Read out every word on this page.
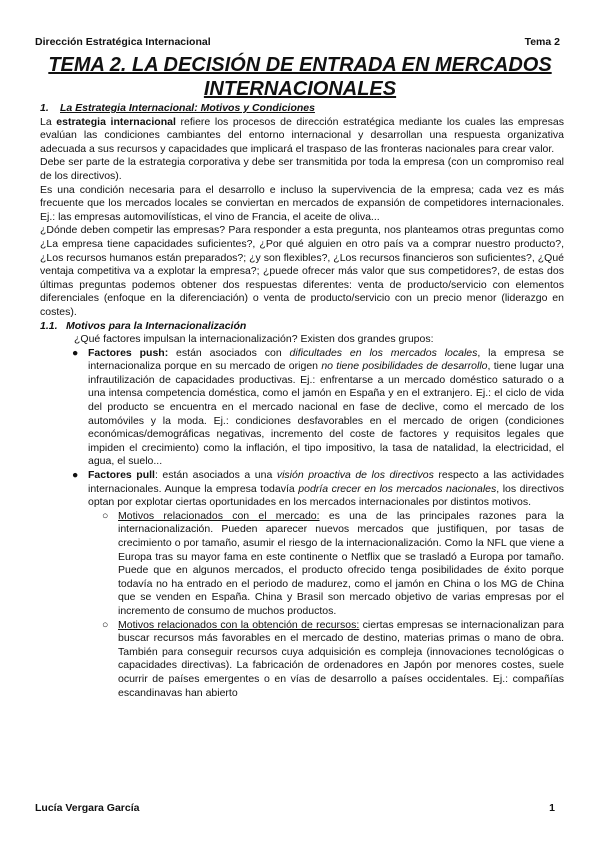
Dirección Estratégica Internacional	Tema 2
TEMA 2. LA DECISIÓN DE ENTRADA EN MERCADOS
INTERNACIONALES

1. La Estrategia Internacional: Motivos y Condiciones

La estrategia internacional refiere los procesos de dirección estratégica mediante los cuales las empresas evalúan las condiciones cambiantes del entorno internacional y desarrollan una respuesta organizativa adecuada a sus recursos y capacidades que implicará el traspaso de las fronteras nacionales para crear valor.

Debe ser parte de la estrategia corporativa y debe ser transmitida por toda la empresa (con un compromiso real de los directivos).

Es una condición necesaria para el desarrollo e incluso la supervivencia de la empresa; cada vez es más frecuente que los mercados locales se conviertan en mercados de expansión de competidores internacionales. Ej.: las empresas automovilísticas, el vino de Francia, el aceite de oliva...

¿Dónde deben competir las empresas? Para responder a esta pregunta, nos planteamos otras preguntas como ¿La empresa tiene capacidades suficientes?, ¿Por qué alguien en otro país va a comprar nuestro producto?, ¿Los recursos humanos están preparados?; ¿y son flexibles?, ¿Los recursos financieros son suficientes?, ¿Qué ventaja competitiva va a explotar la empresa?; ¿puede ofrecer más valor que sus competidores?, de estas dos últimas preguntas podemos obtener dos respuestas diferentes: venta de producto/servicio con elementos diferenciales (enfoque en la diferenciación) o venta de producto/servicio con un precio menor (liderazgo en costes).

1.1. Motivos para la Internacionalización

¿Qué factores impulsan la internacionalización? Existen dos grandes grupos:

● Factores push: están asociados con dificultades en los mercados locales, la empresa se internacionaliza porque en su mercado de origen no tiene posibilidades de desarrollo, tiene lugar una infrautilización de capacidades productivas. Ej.: enfrentarse a un mercado doméstico saturado o a una intensa competencia doméstica, como el jamón en España y en el extranjero. Ej.: el ciclo de vida del producto se encuentra en el mercado nacional en fase de declive, como el mercado de los automóviles y la moda. Ej.: condiciones desfavorables en el mercado de origen (condiciones económicas/demográficas negativas, incremento del coste de factores y requisitos legales que impiden el crecimiento) como la inflación, el tipo impositivo, la tasa de natalidad, la electricidad, el agua, el suelo...
● Factores pull: están asociados a una visión proactiva de los directivos respecto a las actividades internacionales. Aunque la empresa todavía podría crecer en los mercados nacionales, los directivos optan por explotar ciertas oportunidades en los mercados internacionales por distintos motivos.
○ Motivos relacionados con el mercado: es una de las principales razones para la internacionalización. Pueden aparecer nuevos mercados que justifiquen, por tasas de crecimiento o por tamaño, asumir el riesgo de la internacionalización. Como la NFL que viene a Europa tras su mayor fama en este continente o Netflix que se trasladó a Europa por tamaño. Puede que en algunos mercados, el producto ofrecido tenga posibilidades de éxito porque todavía no ha entrado en el periodo de madurez, como el jamón en China o los MG de China que se venden en España. China y Brasil son mercado objetivo de varias empresas por el incremento de consumo de muchos productos.
○ Motivos relacionados con la obtención de recursos: ciertas empresas se internacionalizan para buscar recursos más favorables en el mercado de destino, materias primas o mano de obra. También para conseguir recursos cuya adquisición es compleja (innovaciones tecnológicas o capacidades directivas). La fabricación de ordenadores en Japón por menores costes, suele ocurrir de países emergentes o en vías de desarrollo a países occidentales. Ej.: compañías escandinavas han abierto
Lucía Vergara García	1
